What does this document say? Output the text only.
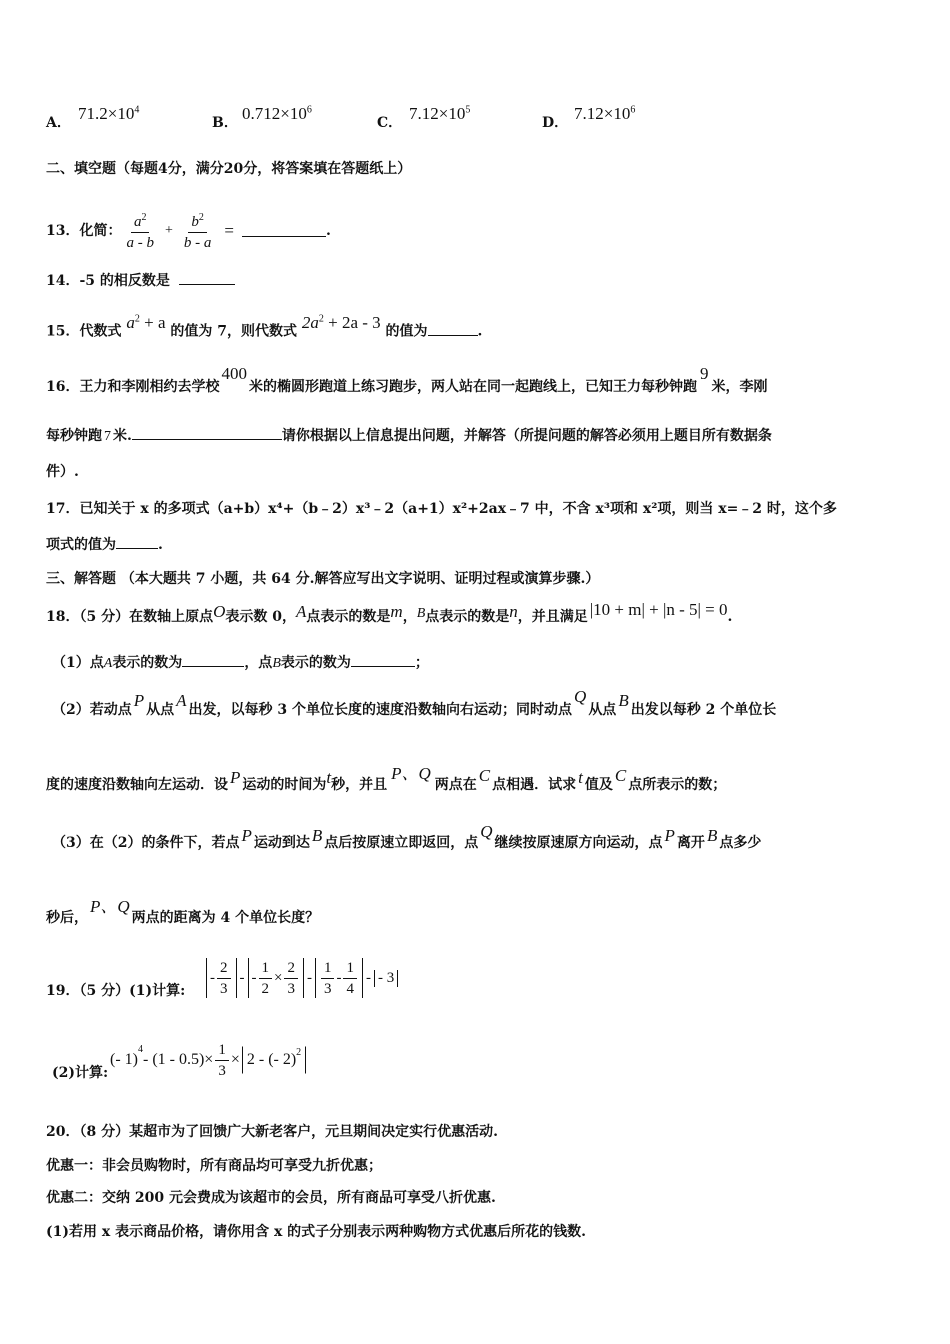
A． $71.2\times 10^4$
B． $0.712\times 10^6$
C． $7.12\times 10^5$
D． $7.12\times 10^6$
二、填空题（每题4分，满分20分，将答案填在答题纸上）
13．化简： $\frac{a^2}{a - b} + \frac{b^2}{b - a}$ =	.
14．-5 的相反数是
15．代数式 $a^2 + a$ 的值为 7，则代数式 $2a^2 + 2a - 3$ 的值为	.
16．王力和李刚相约去学校400米的椭圆形跑道上练习跑步，两人站在同一起跑线上，已知王力每秒钟跑9米，李刚
每秒钟跑 7 米.	请你根据以上信息提出问题，并解答（所提问题的解答必须用上题目所有数据条
件）.
17．已知关于 x 的多项式（a+b）x⁴+（b﹣2）x³﹣2（a+1）x²+2ax﹣7 中，不含 x³项和 x²项，则当 x=﹣2 时，这个多
项式的值为	.
三、解答题 （本大题共 7 小题，共 64 分.解答应写出文字说明、证明过程或演算步骤.）
18．（5 分）在数轴上原点O表示数 0，A点表示的数是m，B点表示的数是n，并且满足 |10 + m| + |n - 5| = 0.
（1）点A表示的数为	，点B表示的数为	；
（2）若动点 P 从点 A 出发，以每秒 3 个单位长度的速度沿数轴向右运动；同时动点Q从点 B 出发以每秒 2 个单位长
度的速度沿数轴向左运动．设 P 运动的时间为t秒，并且P、Q两点在 C 点相遇．试求 t 值及 C 点所表示的数；
（3）在（2）的条件下，若点 P 运动到达 B 点后按原速立即返回，点Q继续按原速原方向运动，点 P 离开 B 点多少
秒后，P、Q两点的距离为 4 个单位长度？
19．（5 分）(1)计算:
- $\frac{2}{3}$ - - $\frac{1}{2} \times \frac{2}{3} - \frac{1}{3} - \frac{1}{4}$ - - 3
(2)计算:
(- 1)
$^4$
- $(1 - 0.5)\times \frac{1}{3} \times 2$ - (- 2)$^2$
20．（8 分）某超市为了回馈广大新老客户，元旦期间决定实行优惠活动.
优惠一：非会员购物时，所有商品均可享受九折优惠；
优惠二：交纳 200 元会费成为该超市的会员，所有商品可享受八折优惠.
(1)若用 x 表示商品价格，请你用含 x 的式子分别表示两种购物方式优惠后所花的钱数.
